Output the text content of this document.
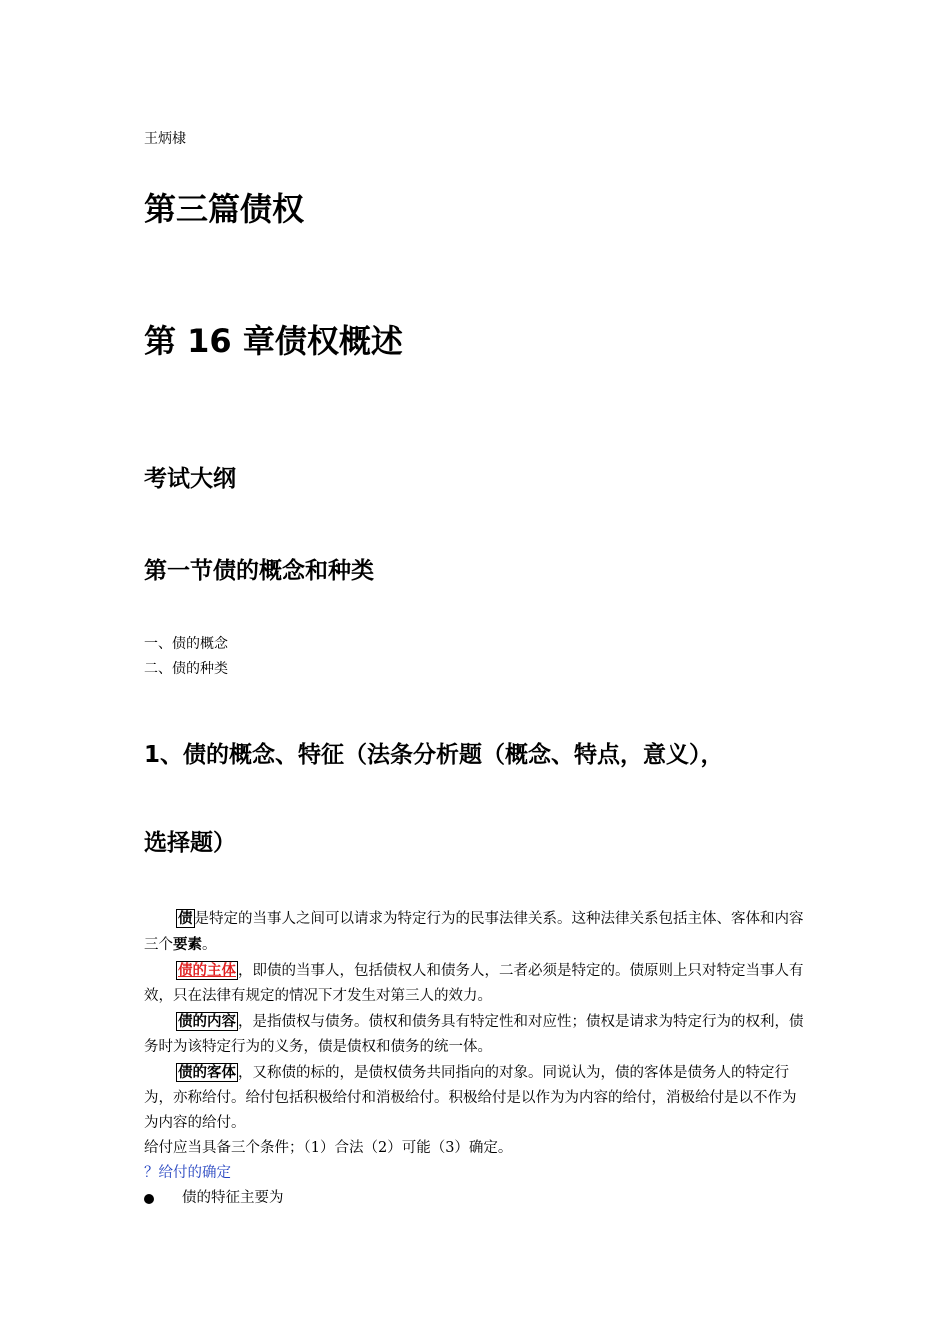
王炳棣
第三篇债权
第 16 章债权概述
考试大纲
第一节债的概念和种类
一、债的概念
二、债的种类
1、债的概念、特征（法条分析题（概念、特点，意义），
选择题）

债 是特定的当事人之间可以请求为特定行为的民事法律关系。这种法律关系包括主体、客体和内容三个要素。

债的主体 ，即债的当事人，包括债权人和债务人，二者必须是特定的。债原则上只对特定当事人有效，只在法律有规定的情况下才发生对第三人的效力。

债的内容 ，是指债权与债务。债权和债务具有特定性和对应性；债权是请求为特定行为的权利，债务时为该特定行为的义务，债是债权和债务的统一体。

债的客体 ，又称债的标的，是债权债务共同指向的对象。同说认为，债的客体是债务人的特定行为，亦称给付。给付包括积极给付和消极给付。积极给付是以作为为内容的给付，消极给付是以不作为为内容的给付。

给付应当具备三个条件；（1）合法（2）可能（3）确定。

？给付的确定

债的特征主要为
